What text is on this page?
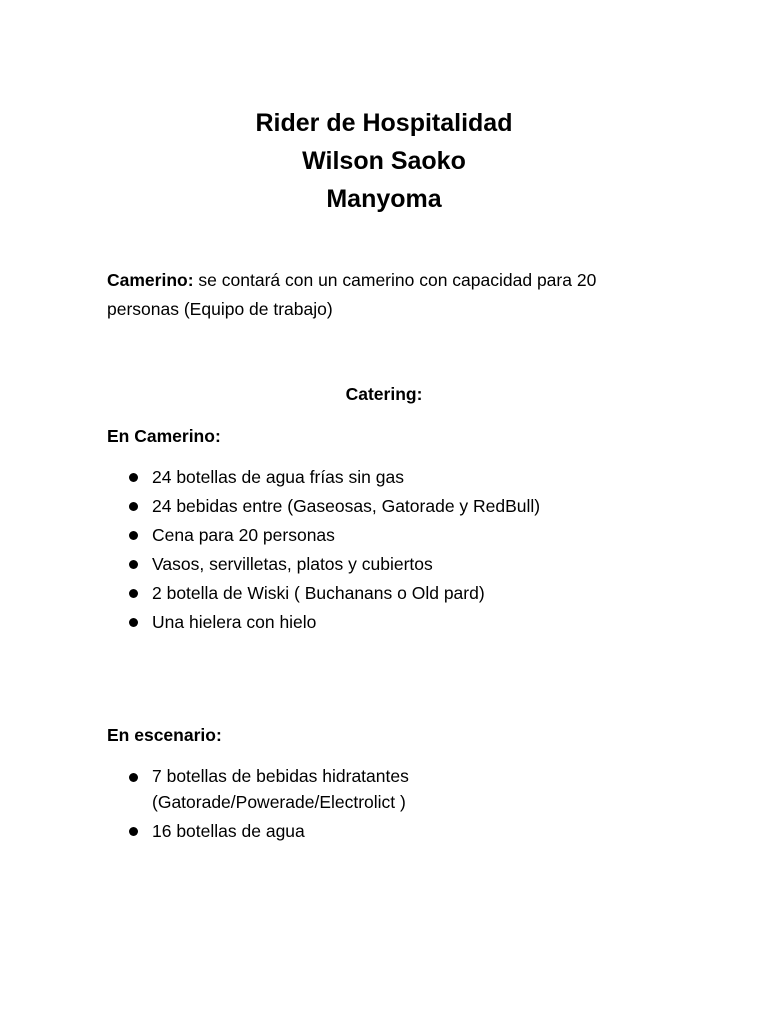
Rider de Hospitalidad
Wilson Saoko
Manyoma
Camerino: se contará con un camerino con capacidad para 20 personas (Equipo de trabajo)
Catering:
En Camerino:
24 botellas de agua frías sin gas
24 bebidas entre (Gaseosas, Gatorade y RedBull)
Cena para 20 personas
Vasos, servilletas, platos y cubiertos
2 botella de Wiski ( Buchanans o Old pard)
Una hielera con hielo
En escenario:
7 botellas de bebidas hidratantes
(Gatorade/Powerade/Electrolict )
16 botellas de agua
